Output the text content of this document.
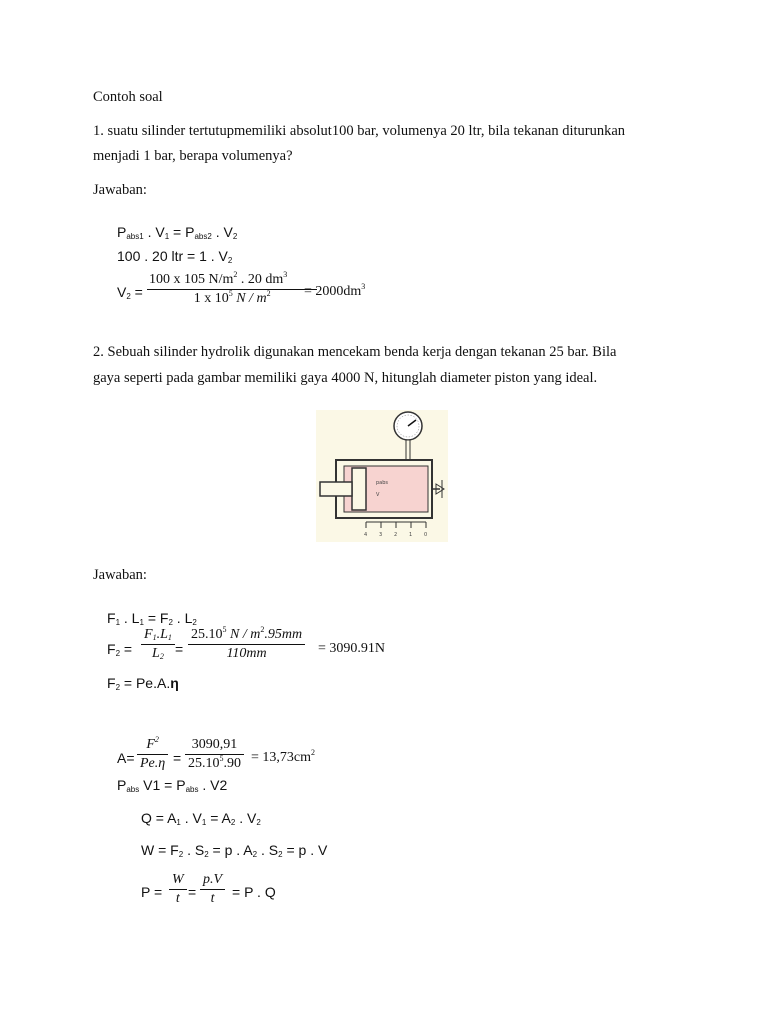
Contoh soal
1. suatu silinder tertutupmemiliki absolut100 bar, volumenya 20 ltr, bila tekanan diturunkan
menjadi 1 bar, berapa volumenya?
Jawaban:
$P_{abs1}$ . $V_1 = P_{abs2}$ . $V_2$
100 . 20 ltr = 1 . $V_2$
$V_2 = \frac{100 x 105 N/m^2 . 20 dm^3}{1 x 10^5 N / m^2}$
= $2000dm^3$
2. Sebuah silinder hydrolik digunakan mencekam benda kerja dengan tekanan 25 bar. Bila
gaya seperti pada gambar memiliki gaya 4000 N, hitunglah diameter piston yang ideal.
pabs
V
4 3 2 1 0
Jawaban:
$F_1$ . $L_1 = F_2$ . $L_2$
$F_2 = \frac{F_1.L_1}{L_2} = \frac{25.10^5 N / m^2.95mm}{110mm} = 3090.91N$
$F_2 = Pe.A.\eta$
$A= \frac{F^2}{Pe.\eta} = \frac{3090,91}{25.10^5.90} = 13,73cm^2$
$P_{abs}$ $V1 = P_{abs}$ . V2
$Q = A_1$ . $V_1 = A_2$ . $V_2$
$W = F_2$ . $S_2 = p$ . $A_2$ . $S_2 = p$ . V
$P = \frac{W}{t} = \frac{p.V}{t} = P$ . Q
